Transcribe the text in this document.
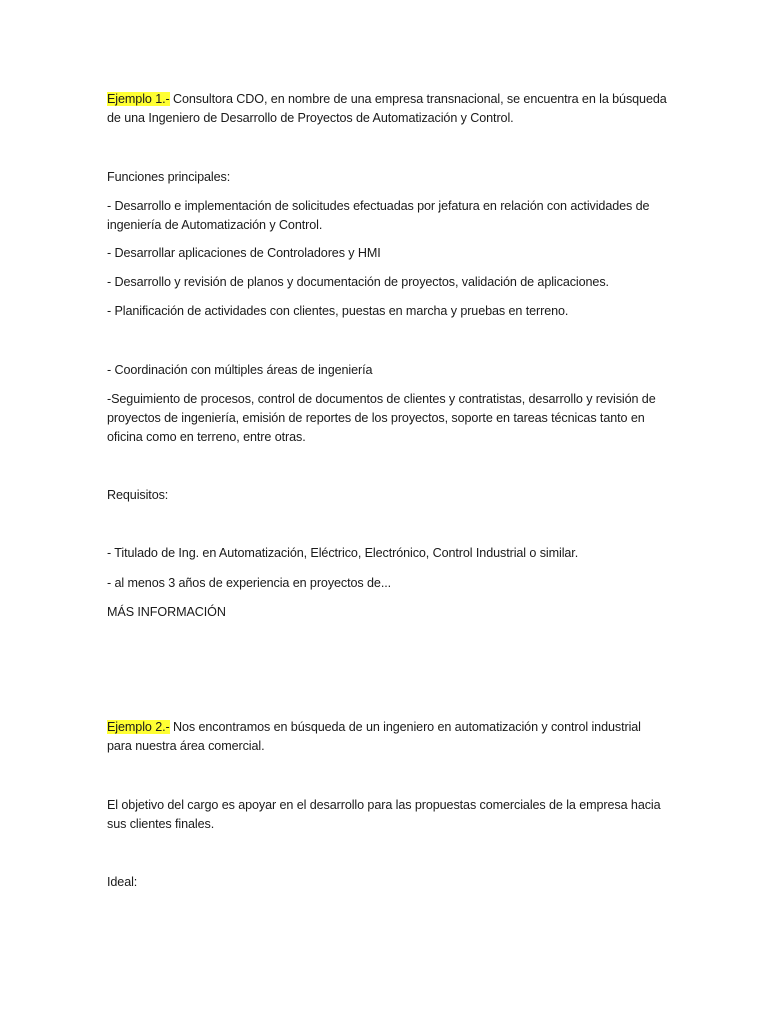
Ejemplo 1.- Consultora CDO, en nombre de una empresa transnacional, se encuentra en la búsqueda de una Ingeniero de Desarrollo de Proyectos de Automatización y Control.

Funciones principales:

- Desarrollo e implementación de solicitudes efectuadas por jefatura en relación con actividades de ingeniería de Automatización y Control.

- Desarrollar aplicaciones de Controladores y HMI

- Desarrollo y revisión de planos y documentación de proyectos, validación de aplicaciones.

- Planificación de actividades con clientes, puestas en marcha y pruebas en terreno.

- Coordinación con múltiples áreas de ingeniería

-Seguimiento de procesos, control de documentos de clientes y contratistas, desarrollo y revisión de proyectos de ingeniería, emisión de reportes de los proyectos, soporte en tareas técnicas tanto en oficina como en terreno, entre otras.

Requisitos:

- Titulado de Ing. en Automatización, Eléctrico, Electrónico, Control Industrial o similar.

- al menos 3 años de experiencia en proyectos de...

MÁS INFORMACIÓN

Ejemplo 2.- Nos encontramos en búsqueda de un ingeniero en automatización y control industrial para nuestra área comercial.

El objetivo del cargo es apoyar en el desarrollo para las propuestas comerciales de la empresa hacia sus clientes finales.

Ideal:
